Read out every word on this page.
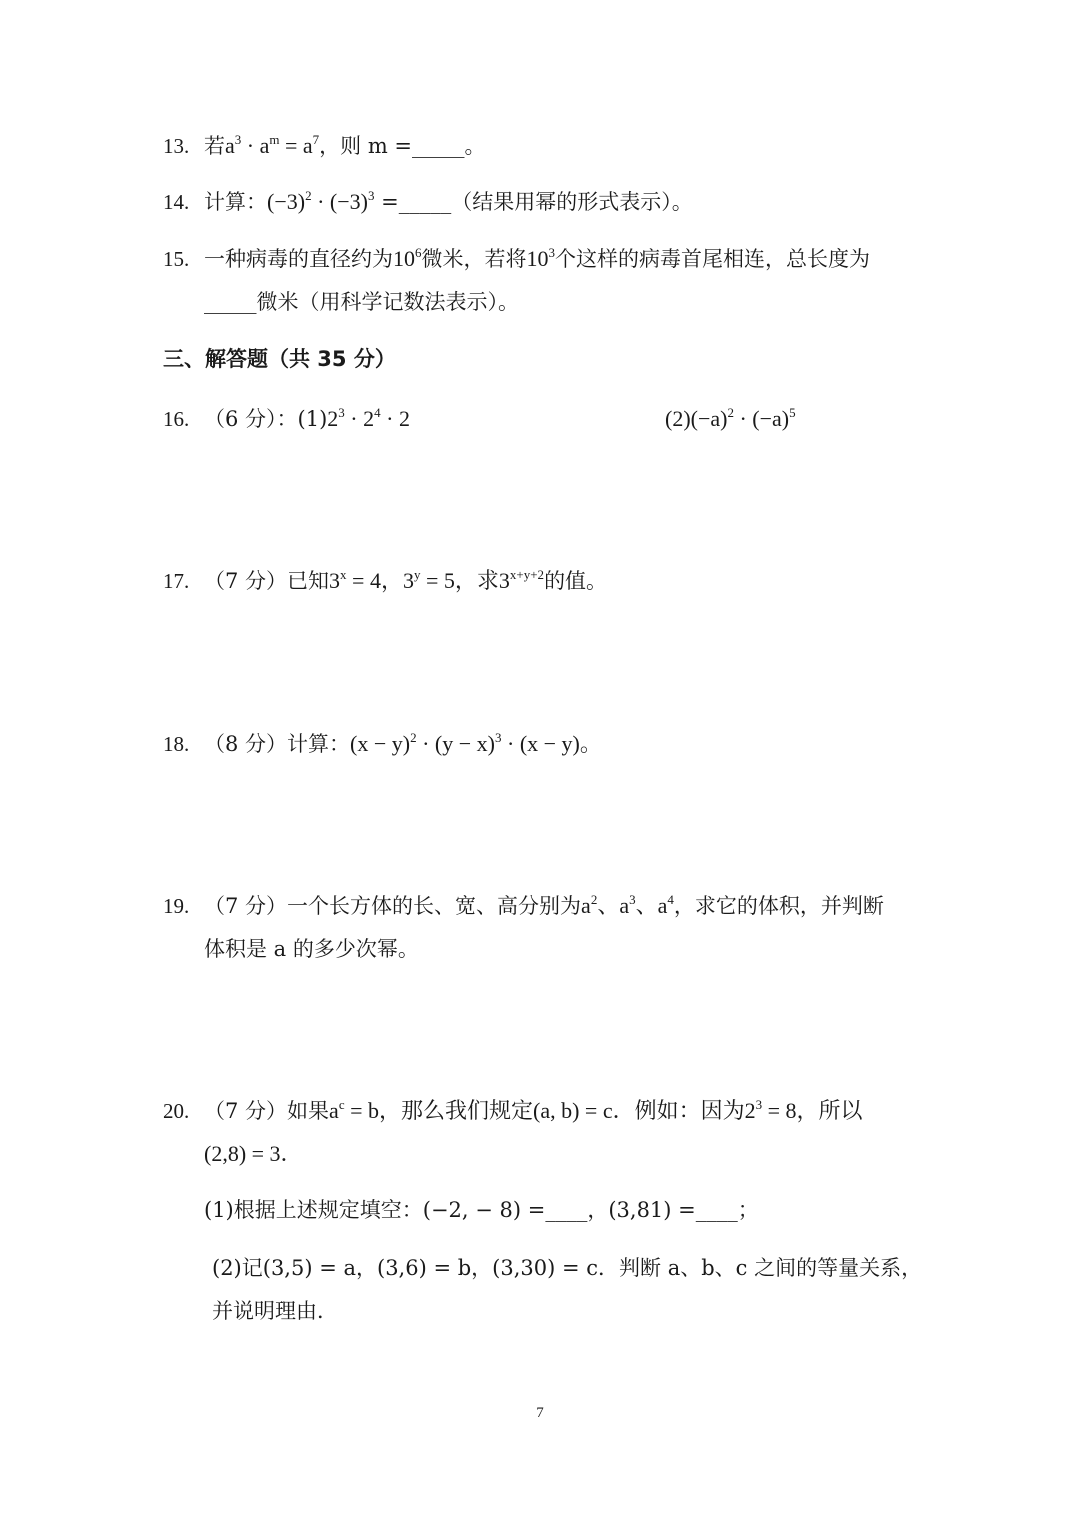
13. 若$a^3 \cdot a^m = a^7$，则 m =_____。
14. 计算：$(-3)^2 \cdot (-3)^3$ =_____（结果用幂的形式表示）。
15. 一种病毒的直径约为$10^6$微米，若将$10^3$个这样的病毒首尾相连，总长度为
_____微米（用科学记数法表示）。
三、解答题（共 35 分）
16. （6 分）：$(1)2^3 \cdot 2^4 \cdot 2$	$(2)(-a)^2 \cdot (-a)^5$
17. （7 分）已知$3^x = 4$，$3^y = 5$，求$3^{x+y+2}$的值。
18. （8 分）计算：$(x - y)^2 \cdot (y - x)^3 \cdot (x - y)$。
19. （7 分）一个长方体的长、宽、高分别为$a^2$、$a^3$、$a^4$，求它的体积，并判断
体积是 a 的多少次幂。
20. （7 分）如果$a^c = b$，那么我们规定(a, b) = c．例如：因为$2^3 = 8$，所以
(2,8) = 3．
(1)根据上述规定填空：(−2, − 8) =____，(3,81) =____；
(2)记(3,5) = a，(3,6) = b，(3,30) = c．判断 a、b、c 之间的等量关系，
并说明理由．
7
